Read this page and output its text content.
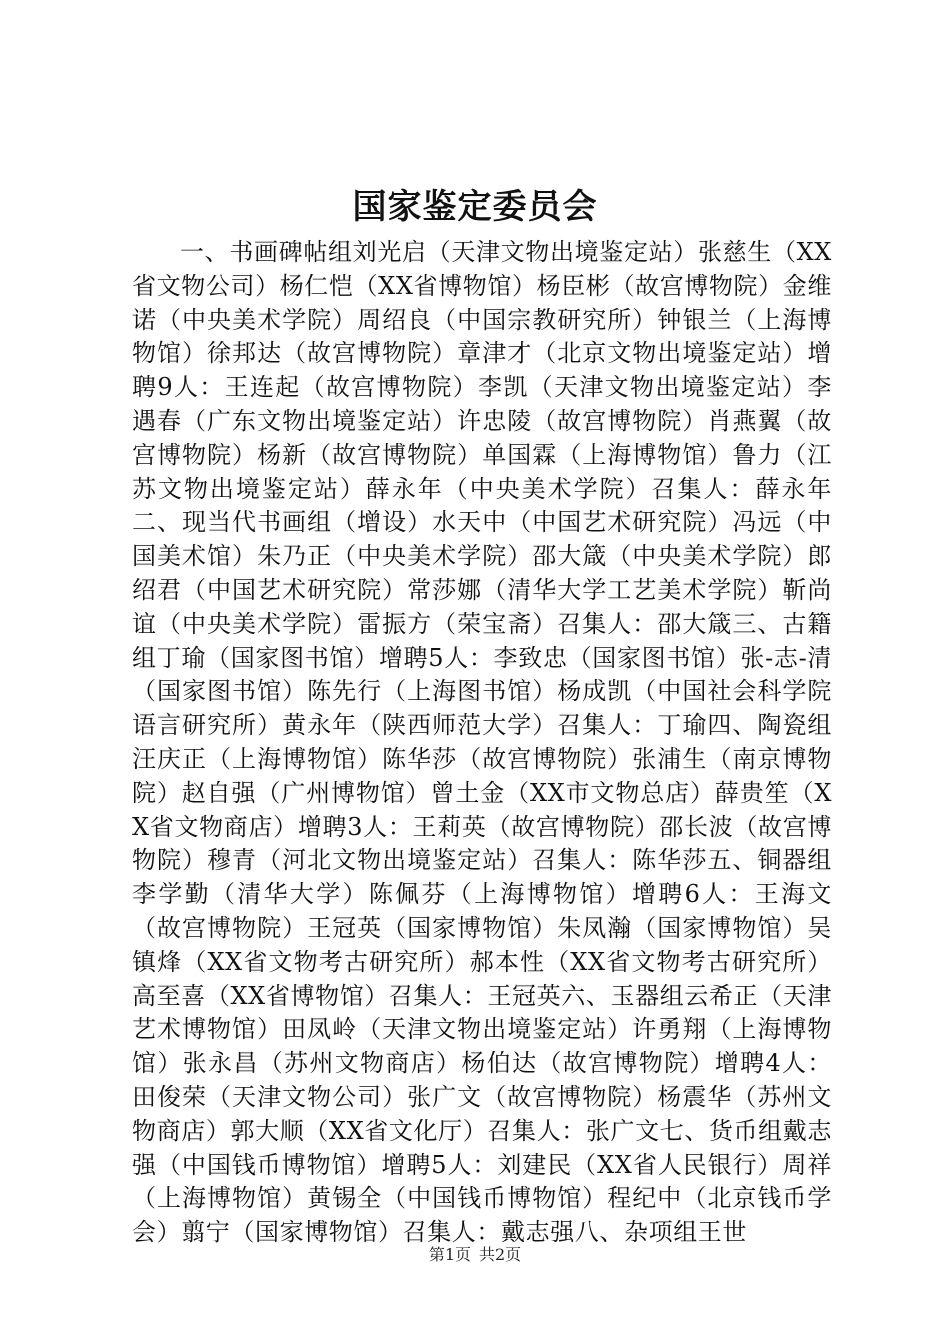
国家鉴定委员会

一、书画碑帖组刘光启（天津文物出境鉴定站）张慈生（XX省文物公司）杨仁恺（XX省博物馆）杨臣彬（故宫博物院）金维诺（中央美术学院）周绍良（中国宗教研究所）钟银兰（上海博物馆）徐邦达（故宫博物院）章津才（北京文物出境鉴定站）增聘9人：王连起（故宫博物院）李凯（天津文物出境鉴定站）李遇春（广东文物出境鉴定站）许忠陵（故宫博物院）肖燕翼（故宫博物院）杨新（故宫博物院）单国霖（上海博物馆）鲁力（江苏文物出境鉴定站）薛永年（中央美术学院）召集人：薛永年二、现当代书画组（增设）水天中（中国艺术研究院）冯远（中国美术馆）朱乃正（中央美术学院）邵大箴（中央美术学院）郎绍君（中国艺术研究院）常莎娜（清华大学工艺美术学院）靳尚谊（中央美术学院）雷振方（荣宝斋）召集人：邵大箴三、古籍组丁瑜（国家图书馆）增聘5人：李致忠（国家图书馆）张-志-清（国家图书馆）陈先行（上海图书馆）杨成凯（中国社会科学院语言研究所）黄永年（陕西师范大学）召集人：丁瑜四、陶瓷组汪庆正（上海博物馆）陈华莎（故宫博物院）张浦生（南京博物院）赵自强（广州博物馆）曾土金（XX市文物总店）薛贵笙（XX省文物商店）增聘3人：王莉英（故宫博物院）邵长波（故宫博物院）穆青（河北文物出境鉴定站）召集人：陈华莎五、铜器组李学勤（清华大学）陈佩芬（上海博物馆）增聘6人：王海文（故宫博物院）王冠英（国家博物馆）朱凤瀚（国家博物馆）吴镇烽（XX省文物考古研究所）郝本性（XX省文物考古研究所）高至喜（XX省博物馆）召集人：王冠英六、玉器组云希正（天津艺术博物馆）田凤岭（天津文物出境鉴定站）许勇翔（上海博物馆）张永昌（苏州文物商店）杨伯达（故宫博物院）增聘4人：田俊荣（天津文物公司）张广文（故宫博物院）杨震华（苏州文物商店）郭大顺（XX省文化厅）召集人：张广文七、货币组戴志强（中国钱币博物馆）增聘5人：刘建民（XX省人民银行）周祥（上海博物馆）黄锡全（中国钱币博物馆）程纪中（北京钱币学会）翦宁（国家博物馆）召集人：戴志强八、杂项组王世

第1页 共2页
